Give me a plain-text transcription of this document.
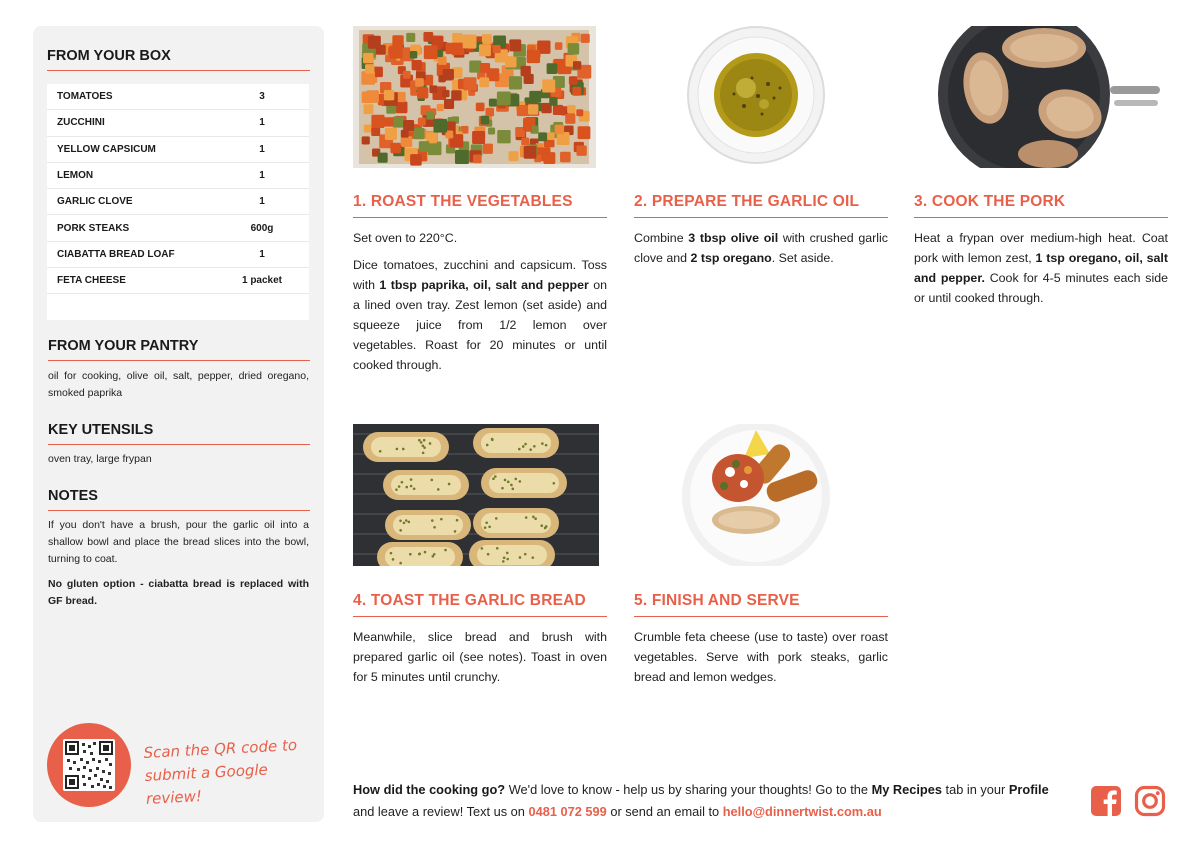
FROM YOUR BOX
TOMATOES	3
ZUCCHINI	1
YELLOW CAPSICUM	1
LEMON	1
GARLIC CLOVE	1
PORK STEAKS	600g
CIABATTA BREAD LOAF	1
FETA CHEESE	1 packet
FROM YOUR PANTRY
oil for cooking, olive oil, salt, pepper, dried oregano, smoked paprika
KEY UTENSILS
oven tray, large frypan
NOTES
If you don't have a brush, pour the garlic oil into a shallow bowl and place the bread slices into the bowl, turning to coat.
No gluten option - ciabatta bread is replaced with GF bread.
Scan the QR code to
submit a Google review!
1. ROAST THE VEGETABLES

Set oven to 220°C.

Dice tomatoes, zucchini and capsicum. Toss with 1 tbsp paprika, oil, salt and pepper on a lined oven tray. Zest lemon (set aside) and squeeze juice from 1/2 lemon over vegetables. Roast for 20 minutes or until cooked through.

2. PREPARE THE GARLIC OIL

Combine 3 tbsp olive oil with crushed garlic clove and 2 tsp oregano. Set aside.

3. COOK THE PORK

Heat a frypan over medium-high heat. Coat pork with lemon zest, 1 tsp oregano, oil, salt and pepper. Cook for 4-5 minutes each side or until cooked through.

4. TOAST THE GARLIC BREAD
Meanwhile, slice bread and brush with prepared garlic oil (see notes). Toast in oven for 5 minutes until crunchy.
5. FINISH AND SERVE
Crumble feta cheese (use to taste) over roast vegetables. Serve with pork steaks, garlic bread and lemon wedges.
How did the cooking go? We'd love to know - help us by sharing your thoughts! Go to the My Recipes tab in your Profile and leave a review! Text us on 0481 072 599 or send an email to hello@dinnertwist.com.au
